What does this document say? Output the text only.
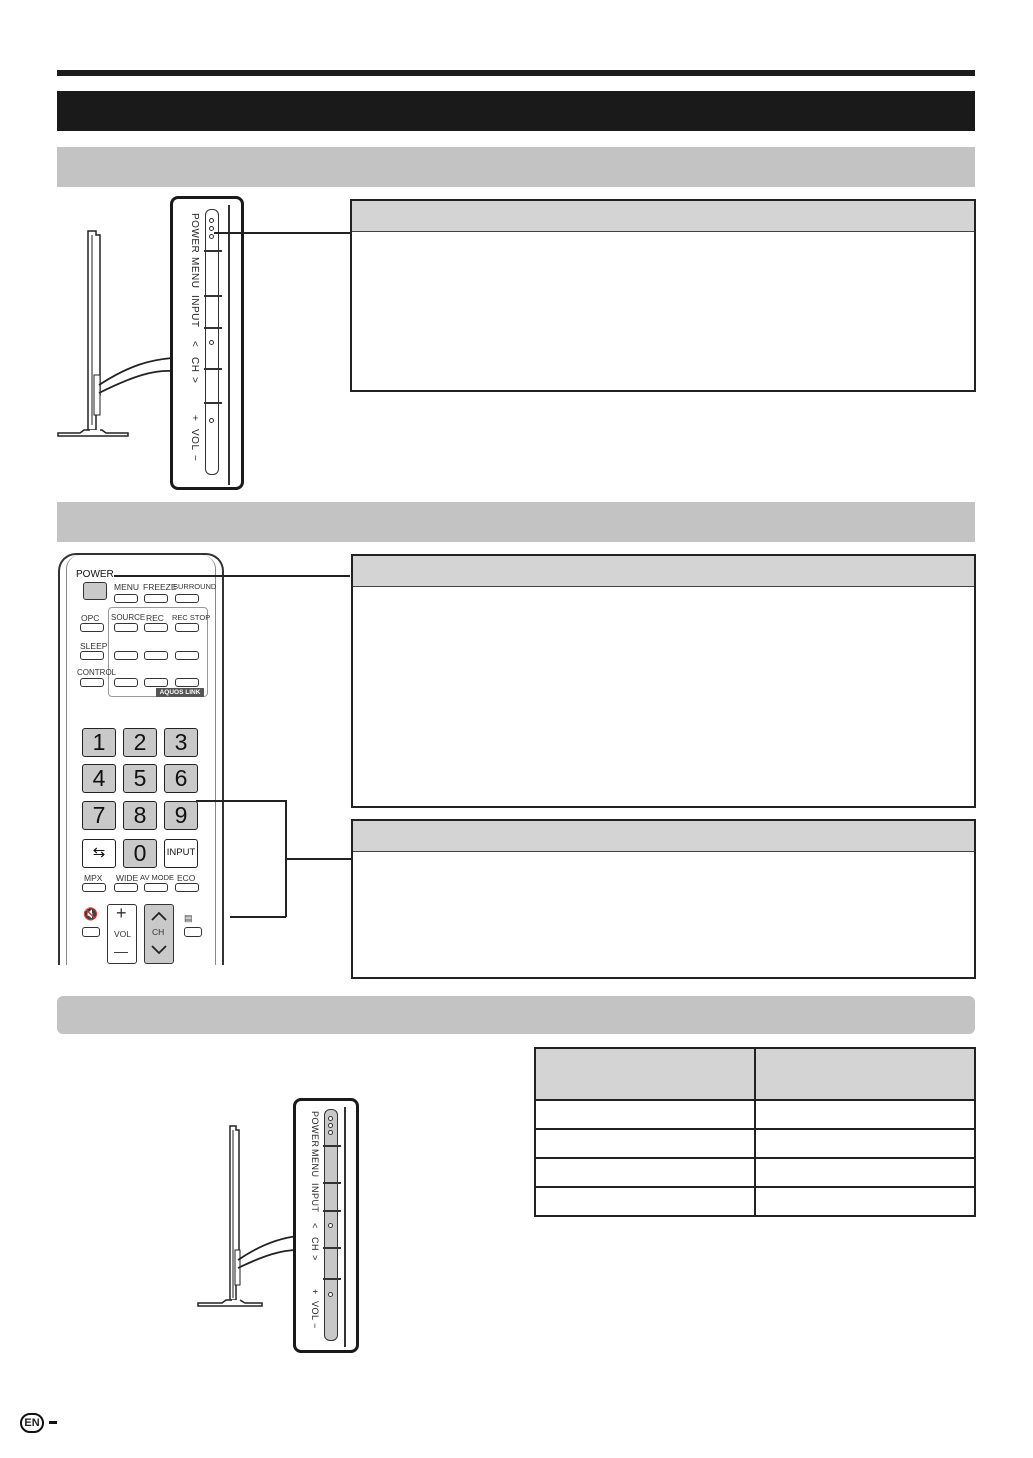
POWER
MENU
INPUT
<
CH
>
+
VOL
−
POWER
MENU FREEZE
SURROUND
OPC SOURCE REC REC STOP
SLEEP
CONTROL
AQUOS LINK
1	2	3
4	5	6
7	8	9
⇆	0	INPUT
MPX WIDE AV MODE ECO
🔇 +
VOL
—
CH
▤
POWER
MENU
INPUT
<
CH
>
+
VOL
−

EN
